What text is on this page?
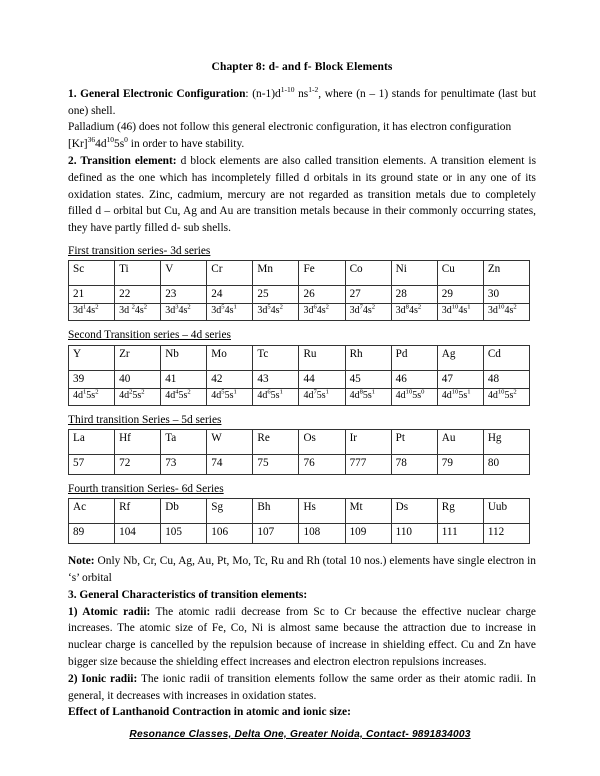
Chapter 8: d- and f- Block Elements

1. General Electronic Configuration: $(n-1)d^{1-10}$ $ns^{1-2}$, where (n – 1) stands for penultimate (last but one) shell.

Palladium (46) does not follow this general electronic configuration, it has electron configuration
$[Kr]^{36}4d^{10}5s^0$ in order to have stability.

2. Transition element: d block elements are also called transition elements. A transition element is defined as the one which has incompletely filled d orbitals in its ground state or in any one of its oxidation states. Zinc, cadmium, mercury are not regarded as transition metals due to completely filled d – orbital but Cu, Ag and Au are transition metals because in their commonly occurring states, they have partly filled d- sub shells.

First transition series- 3d series
Sc	Ti	V	Cr	Mn	Fe	Co	Ni	Cu	Zn
21	22	23	24	25	26	27	28	29	30
$3d^14s^2$	3d $^24s^2$	$3d^34s^2$	$3d^54s^1$	$3d^54s^2$	$3d^64s^2$	$3d^74s^2$	$3d^84s^2$	$3d^{10}4s^1$	$3d^{10}4s^2$
Second Transition series – 4d series
Y	Zr	Nb	Mo	Tc	Ru	Rh	Pd	Ag	Cd
39	40	41	42	43	44	45	46	47	48
$4d^15s^2$	$4d^25s^2$	$4d^45s^2$	$4d^55s^1$	$4d^65s^1$	$4d^75s^1$	$4d^85s^1$	$4d^{10}5s^0$	$4d^{10}5s^1$	$4d^{10}5s^2$
Third transition Series – 5d series
La	Hf	Ta	W	Re	Os	Ir	Pt	Au	Hg
57	72	73	74	75	76	777	78	79	80
Fourth transition Series- 6d Series
Ac	Rf	Db	Sg	Bh	Hs	Mt	Ds	Rg	Uub
89	104	105	106	107	108	109	110	111	112

Note: Only Nb, Cr, Cu, Ag, Au, Pt, Mo, Tc, Ru and Rh (total 10 nos.) elements have single electron in ‘s’ orbital

3. General Characteristics of transition elements:

1) Atomic radii: The atomic radii decrease from Sc to Cr because the effective nuclear charge increases. The atomic size of Fe, Co, Ni is almost same because the attraction due to increase in nuclear charge is cancelled by the repulsion because of increase in shielding effect. Cu and Zn have bigger size because the shielding effect increases and electron electron repulsions increases.

2) Ionic radii: The ionic radii of transition elements follow the same order as their atomic radii. In general, it decreases with increases in oxidation states.

Effect of Lanthanoid Contraction in atomic and ionic size:

Resonance Classes, Delta One, Greater Noida, Contact- 9891834003
